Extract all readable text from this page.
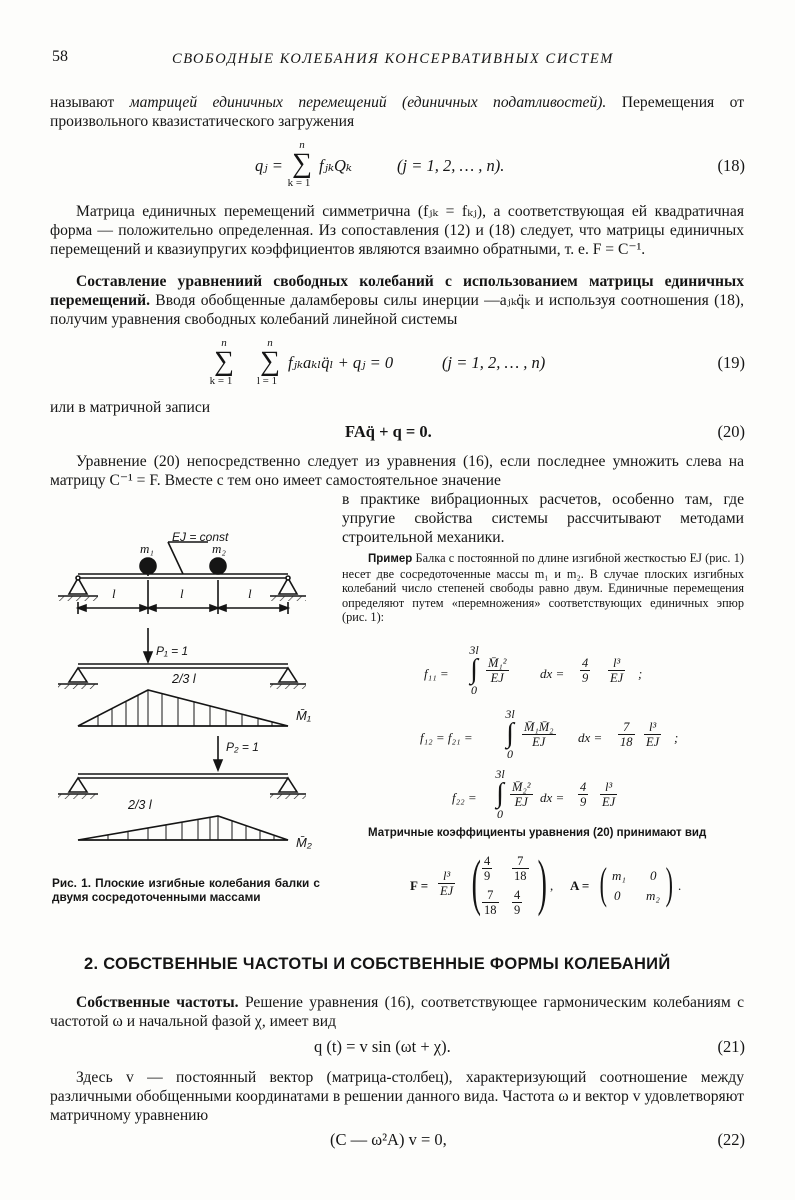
58	СВОБОДНЫЕ КОЛЕБАНИЯ КОНСЕРВАТИВНЫХ СИСТЕМ
называют матрицей единичных перемещений (единичных податливостей). Перемещения от произвольного квазистатического загружения
qⱼ =
n
∑
k = 1
fⱼₖQₖ	(j = 1, 2, … , n).	(18)
Матрица единичных перемещений симметрична (fⱼₖ = fₖⱼ), а соответствующая ей квадратичная форма — положительно определенная. Из сопоставления (12) и (18) следует, что матрицы единичных перемещений и квазиупругих коэффициентов являются взаимно обратными, т. е. F = C⁻¹.
Составление уравнениий свободных колебаний с использованием матрицы единичных перемещений. Вводя обобщенные даламберовы силы инерции —aⱼₖq̈ₖ и используя соотношения (18), получим уравнения свободных колебаний линейной системы
n
∑
k = 1
n
∑
l = 1
fⱼₖaₖₗq̈ₗ + qⱼ = 0	(j = 1, 2, … , n)	(19)
или в матричной записи
FAq̈ + q = 0.	(20)
Уравнение (20) непосредственно следует из уравнения (16), если последнее умножить слева на матрицу C⁻¹ = F. Вместе с тем оно имеет самостоятельное значение
в практике вибрационных расчетов, особенно там, где упругие свойства системы рассчитывают методами строительной механики.
EJ = const
m₁	m₂
l	l	l
P₁ = 1
2/3 l
M̄₁
P₂ = 1
2/3 l
M̄₂
Рис. 1. Плоские изгибные колебания балки с двумя сосредоточенными массами
Пример Балка с постоянной по длине изгибной жесткостью EJ (рис. 1) несет две сосредоточенные массы m₁ и m₂. В случае плоских изгибных колебаний число степеней свободы равно двум. Единичные перемещения определяют путем «перемножения» соответствующих единичных эпюр (рис. 1):
f₁₁ =
3l
∫
0
$\frac{\text{M̄₁²}}{EJ}$ dx = $\frac{4}{9} \frac{\text{l³}}{EJ}$ ;
f₁₂ = f₂₁ =
3l
∫
0
$\frac{\text{M̄₁M̄₂}}{EJ}$ dx = $\frac{7}{18} \frac{\text{l³}}{EJ}$ ;
f₂₂ =
3l
∫
0
$\frac{\text{M̄₂²}}{EJ}$ dx = $\frac{4}{9} \frac{\text{l³}}{EJ}$
Матричные коэффициенты уравнения (20) принимают вид
$F = \frac{\text{l³}}{EJ}$ ( $\frac{4}{9} \frac{7}{18}$
$\frac{7}{18} \frac{4}{9}$ ) , A = ( m₁ 0
0 m₂ ) .
2. СОБСТВЕННЫЕ ЧАСТОТЫ И СОБСТВЕННЫЕ ФОРМЫ КОЛЕБАНИЙ
Собственные частоты. Решение уравнения (16), соответствующее гармоническим колебаниям с частотой ω и начальной фазой χ, имеет вид
q (t) = v sin (ωt + χ).	(21)
Здесь v — постоянный вектор (матрица-столбец), характеризующий соотношение между различными обобщенными координатами в решении данного вида. Частота ω и вектор v удовлетворяют матричному уравнению
(C — ω²A) v = 0,	(22)
